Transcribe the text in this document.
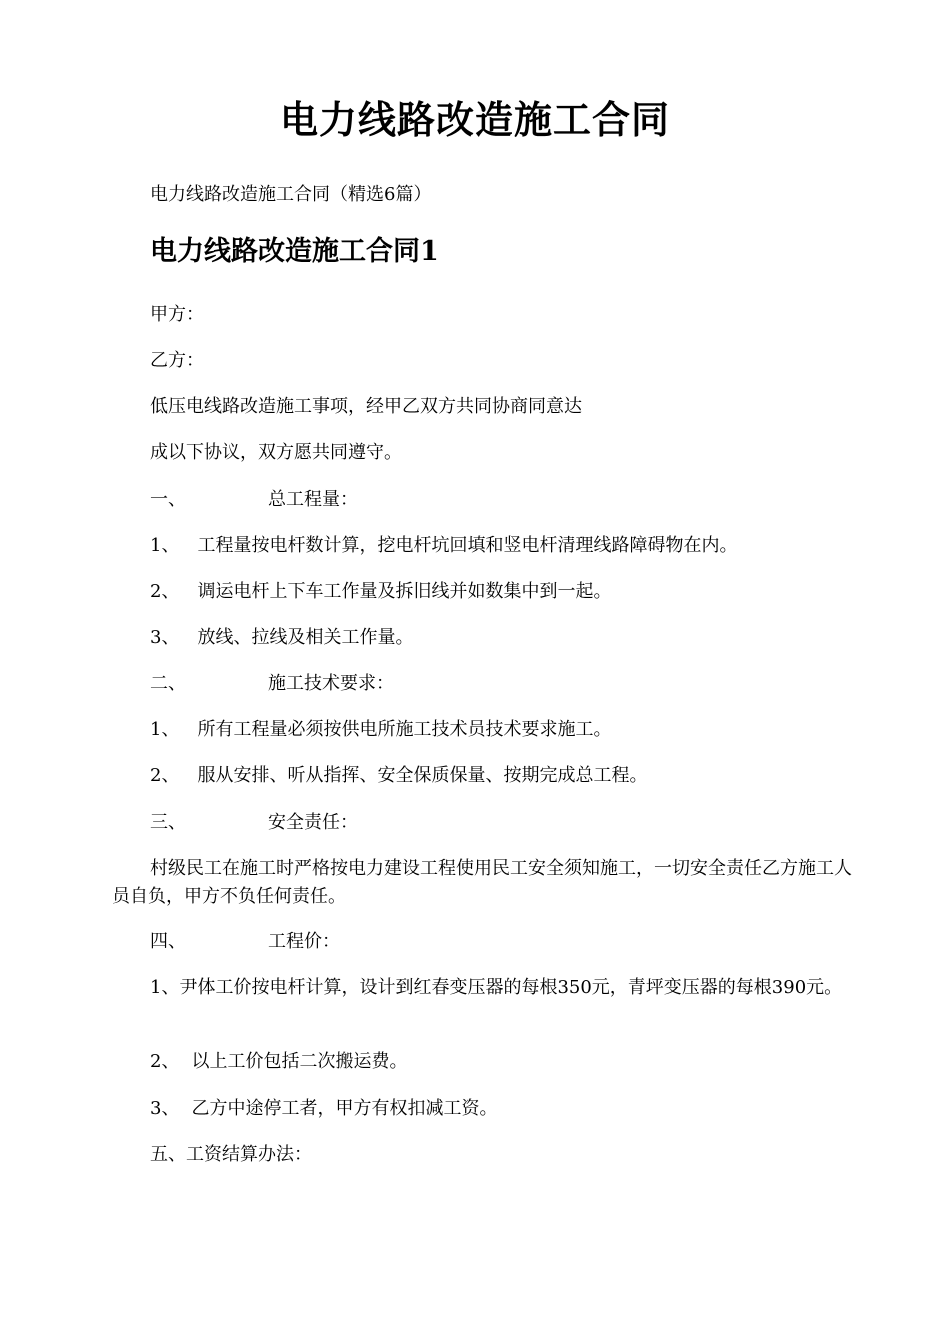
电力线路改造施工合同

电力线路改造施工合同（精选6篇）

电力线路改造施工合同1

甲方：

乙方：

低压电线路改造施工事项，经甲乙双方共同协商同意达

成以下协议，双方愿共同遵守。

一、	总工程量：

1、 工程量按电杆数计算，挖电杆坑回填和竖电杆清理线路障碍物在内。

2、 调运电杆上下车工作量及拆旧线并如数集中到一起。

3、 放线、拉线及相关工作量。

二、	施工技术要求：

1、 所有工程量必须按供电所施工技术员技术要求施工。

2、 服从安排、听从指挥、安全保质保量、按期完成总工程。

三、	安全责任：

村级民工在施工时严格按电力建设工程使用民工安全须知施工，一切安全责任乙方施工人员自负，甲方不负任何责任。

四、	工程价：

1、尹体工价按电杆计算，设计到红春变压器的每根350元，青坪变压器的每根390元。

2、 以上工价包括二次搬运费。

3、 乙方中途停工者，甲方有权扣减工资。

五、工资结算办法：
